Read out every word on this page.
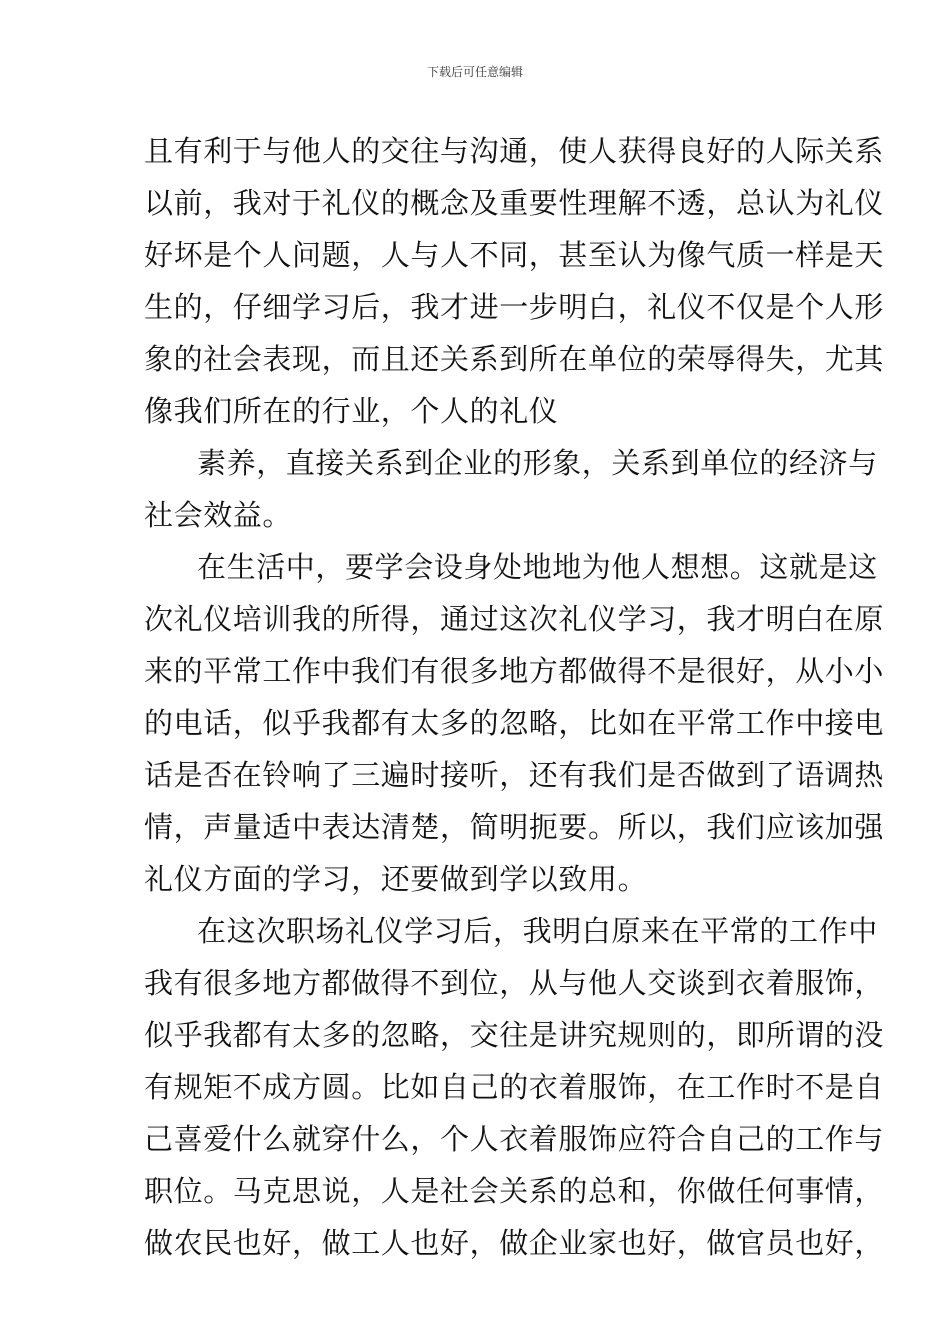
下载后可任意编辑
且有利于与他人的交往与沟通，使人获得良好的人际关系
以前，我对于礼仪的概念及重要性理解不透，总认为礼仪
好坏是个人问题，人与人不同，甚至认为像气质一样是天
生的，仔细学习后，我才进一步明白，礼仪不仅是个人形
象的社会表现，而且还关系到所在单位的荣辱得失，尤其
像我们所在的行业，个人的礼仪
素养，直接关系到企业的形象，关系到单位的经济与
社会效益。
在生活中，要学会设身处地地为他人想想。这就是这
次礼仪培训我的所得，通过这次礼仪学习，我才明白在原
来的平常工作中我们有很多地方都做得不是很好，从小小
的电话，似乎我都有太多的忽略，比如在平常工作中接电
话是否在铃响了三遍时接听，还有我们是否做到了语调热
情，声量适中表达清楚，简明扼要。所以，我们应该加强
礼仪方面的学习，还要做到学以致用。
在这次职场礼仪学习后，我明白原来在平常的工作中
我有很多地方都做得不到位，从与他人交谈到衣着服饰，
似乎我都有太多的忽略，交往是讲究规则的，即所谓的没
有规矩不成方圆。比如自己的衣着服饰，在工作时不是自
己喜爱什么就穿什么，个人衣着服饰应符合自己的工作与
职位。马克思说，人是社会关系的总和，你做任何事情，
做农民也好，做工人也好，做企业家也好，做官员也好，
